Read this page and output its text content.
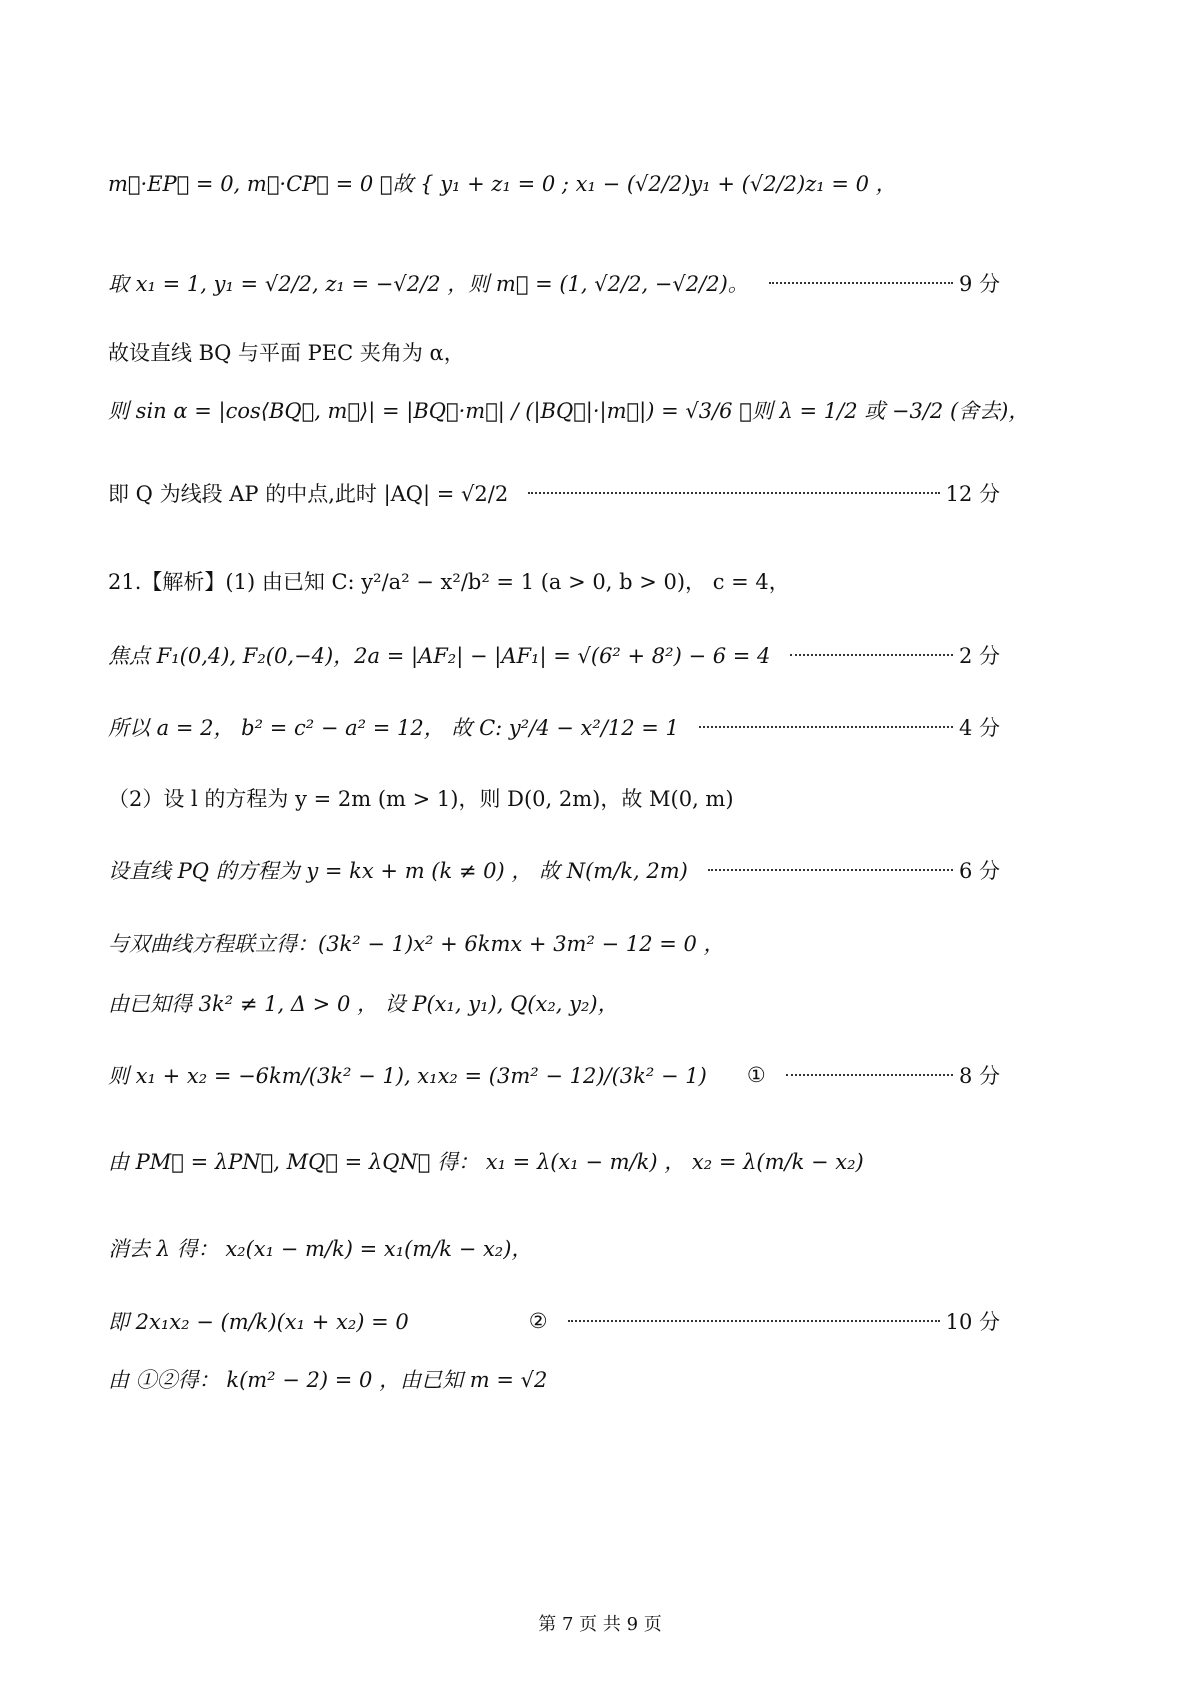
m⃗·EP⃗ = 0, m⃗·CP⃗ = 0 ，故 { y₁ + z₁ = 0 ; x₁ − (√2/2)y₁ + (√2/2)z₁ = 0 ，
取 x₁ = 1, y₁ = √2/2, z₁ = −√2/2 ，则 m⃗ = (1, √2/2, −√2/2)。	9 分
故设直线 BQ 与平面 PEC 夹角为 α，
则 sin α = |cos⟨BQ⃗, m⃗⟩| = |BQ⃗·m⃗| / (|BQ⃗|·|m⃗|) = √3/6 ，则 λ = 1/2 或 −3/2 (舍去)，
即 Q 为线段 AP 的中点,此时 |AQ| = √2/2	12 分
21.【解析】(1) 由已知 C: y²/a² − x²/b² = 1 (a > 0, b > 0)， c = 4，
焦点 F₁(0,4), F₂(0,−4)，2a = |AF₂| − |AF₁| = √(6² + 8²) − 6 = 4	2 分
所以 a = 2， b² = c² − a² = 12， 故 C: y²/4 − x²/12 = 1	4 分
（2）设 l 的方程为 y = 2m (m > 1)，则 D(0, 2m)，故 M(0, m)
设直线 PQ 的方程为 y = kx + m (k ≠ 0) ， 故 N(m/k, 2m)	6 分
与双曲线方程联立得：(3k² − 1)x² + 6kmx + 3m² − 12 = 0 ，
由已知得 3k² ≠ 1, Δ > 0 ， 设 P(x₁, y₁), Q(x₂, y₂)，
则 x₁ + x₂ = −6km/(3k² − 1), x₁x₂ = (3m² − 12)/(3k² − 1) ①	8 分
由 PM⃗ = λPN⃗, MQ⃗ = λQN⃗ 得： x₁ = λ(x₁ − m/k) ， x₂ = λ(m/k − x₂)
消去 λ 得： x₂(x₁ − m/k) = x₁(m/k − x₂)，
即 2x₁x₂ − (m/k)(x₁ + x₂) = 0	②	10 分
由 ①②得： k(m² − 2) = 0 ，由已知 m = √2
第 7 页 共 9 页
